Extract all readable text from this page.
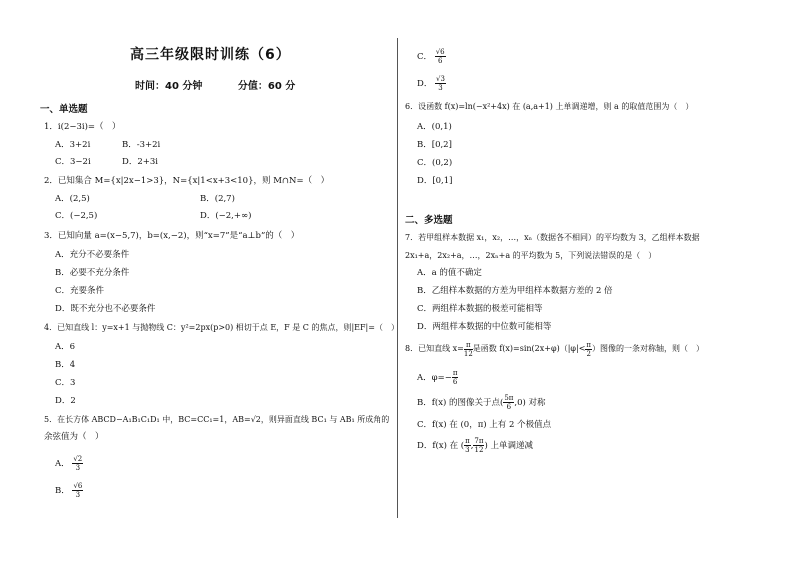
高三年级限时训练（6）
时间：40 分钟	分值：60 分
一、单选题
1．i(2−3i)=（　）
A．3+2i	B．-3+2i
C．3−2i	D．2+3i
2．已知集合 M={x|2x−1>3}，N={x|1<x+3<10}，则 M∩N=（　）
A．(2,5)	B．(2,7)
C．(−2,5)	D．(−2,+∞)
3．已知向量 a=(x−5,7)，b=(x,−2)，则“x=7”是“a⊥b”的（　）
A．充分不必要条件
B．必要不充分条件
C．充要条件
D．既不充分也不必要条件
4．已知直线 l：y=x+1 与抛物线 C：y²=2px(p>0) 相切于点 E，F 是 C 的焦点，则|EF|=（　）
A．6
B．4
C．3
D．2
5．在长方体 ABCD−A₁B₁C₁D₁ 中，BC=CC₁=1，AB=√2，则异面直线 BC₁ 与 AB₁ 所成角的
余弦值为（　）
A． $\frac{√2}{3}$
B． $\frac{√6}{3}$
C． $\frac{√6}{6}$
D． $\frac{√3}{3}$
6．设函数 f(x)=ln(−x²+4x) 在 (a,a+1) 上单调递增，则 a 的取值范围为（　）
A．(0,1)
B．[0,2]
C．(0,2)
D．[0,1]
二、多选题
7．若甲组样本数据 x₁，x₂，…，xₙ（数据各不相同）的平均数为 3，乙组样本数据
2x₁+a，2x₂+a，…，2xₙ+a 的平均数为 5，下列说法错误的是（　）
A．a 的值不确定
B．乙组样本数据的方差为甲组样本数据方差的 2 倍
C．两组样本数据的极差可能相等
D．两组样本数据的中位数可能相等
8．已知直线 $x= \frac{\pi}{12}$ 是函数 $f(x)=\sin(2x+\varphi)(|\varphi|< \frac{\pi}{2}$ ）图像的一条对称轴，则（　）
A．$\varphi=- \frac{\pi}{6}$
B．f(x) 的图像关于点( $\frac{5\pi}{6} ,0$) 对称
C．f(x) 在 (0，π) 上有 2 个极值点
D．f(x) 在 ( $\frac{\pi}{3}$ , $\frac{7\pi}{12}$ ) 上单调递减
